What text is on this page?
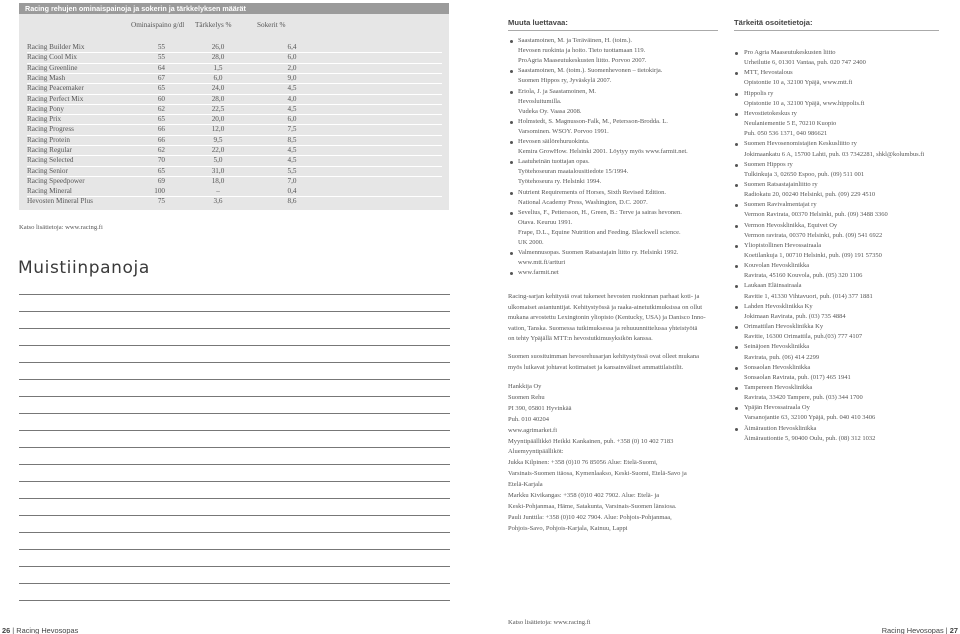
Racing rehujen ominaispainoja ja sokerin ja tärkkelyksen määrät
Ominaispaino g/dl Tärkkelys %	Sokerit %
Racing Builder Mix	55	26,0	6,4
Racing Cool Mix	55	28,0	6,0
Racing Greenline	64	1,5	2,0
Racing Mash	67	6,0	9,0
Racing Peacemaker	65	24,0	4,5
Racing Perfect Mix	60	28,0	4,0
Racing Pony	62	22,5	4,5
Racing Prix	65	20,0	6,0
Racing Progress	66	12,0	7,5
Racing Protein	66	9,5	8,5
Racing Regular	62	22,0	4,5
Racing Selected	70	5,0	4,5
Racing Senior	65	31,0	5,5
Racing Speedpower	69	18,0	7,0
Racing Mineral	100	–	0,4
Hevosten Mineral Plus	75	3,6	8,6
Katso lisätietoja: www.racing.fi
Muistiinpanoja
26 | Racing Hevosopas
Muuta luettavaa:	Tärkeitä osoitetietoja:
Saastamoinen, M. ja Teräväinen, H. (toim.).
Hevosen ruokinta ja hoito. Tieto tuottamaan 119.
ProAgria Maaseutukeskusten liitto. Porvoo 2007.
Saastamoinen, M. (toim.). Suomenhevonen – tietokirja.
Suomen Hippos ry, Jyväskylä 2007.
Eriola, J. ja Saastamoinen, M.
Hevosluitumilla.
Vudeka Oy. Vaasa 2008.
Holmstedt, S. Magnusson-Falk, M., Petersson-Brodda. L.
Varsominen. WSOY. Porvoo 1991.
Hevosen säilörehuruokinta.
Kemira GrowHow. Helsinki 2001. Löytyy myös www.farmit.net.
Laatuheinän tuottajan opas.
Työtehoseuran maatalousitiedote 15/1994.
Työtehoseura ry. Helsinki 1994.
Nutrient Requirements of Horses, Sixth Revised Edition.
National Academy Press, Washington, D.C. 2007.
Sevelius, F., Pettersson, H., Green, B.: Terve ja sairas hevonen.
Otava. Keuruu 1991.
Frape, D.L., Equine Nutrition and Feeding. Blackwell science.
UK 2000.
Valmennusopas. Suomen Ratsastajain liitto ry. Helsinki 1992.
www.mtt.fi/artturi
www.farmit.net
Racing-sarjan kehitystä ovat tukeneet hevosten ruokinnan parhaat koti- ja
ulkomaiset asiantuntijat. Kehitystyössä ja raaka-ainetutkimuksissa on ollut
mukana arvostettu Lexingtonin yliopisto (Kentucky, USA) ja Danisco Inno-
vation, Tanska. Suomessa tutkimuksessa ja rehuuunnittelussa yhteistyötä
on tehty Ypäjällä MTT:n hevostutkimusyksikön kanssa.
Suomen suosituimman hevosrehusarjan kehitystyössä ovat olleet mukana
myös luikavat johtavat kotimaiset ja kansainväliset ammattilaistilit.
Hankkija Oy
Suomen Rehu
PI 390, 05801 Hyvinkää
Puh. 010 40204
www.agrimarket.fi
Myyntipäällikkö Heikki Kankainen, puh. +358 (0) 10 402 7183
Aluemyyntipäälliköt:
Jukka Kilpinen: +358 (0)10 76 85056 Alue: Etelä-Suomi,
Varsinais-Suomen itäosa, Kymenlaakso, Keski-Suomi, Etelä-Savo ja
Etelä-Karjala
Markku Kivikangas: +358 (0)10 402 7902. Alue: Etelä- ja
Keski-Pohjanmaa, Häme, Satakunta, Varsinais-Suomen länsiosa.
Pauli Junttila: +358 (0)10 402 7904. Alue: Pohjois-Pohjanmaa,
Pohjois-Savo, Pohjois-Karjala, Kainuu, Lappi
Pro Agria Maaseutukeskusten liitto
Urheilutie 6, 01301 Vantaa, puh. 020 747 2400
MTT, Hevostalous
Opistontie 10 a, 32100 Ypäjä, www.mtt.fi
Hippolis ry
Opistontie 10 a, 32100 Ypäjä, www.hippolis.fi
Hevostietokeskus ry
Neulaniementie 5 E, 70210 Kuopio
Puh. 050 536 1371, 040 986621
Suomen Hevosenomistajien Keskusliitto ry
Jokimaankatu 6 A, 15700 Lahti, puh. 03 7342281, shkl@kolumbus.fi
Suomen Hippos ry
Tulkinkuja 3, 02650 Espoo, puh. (09) 511 001
Suomen Ratsastajainliitto ry
Radiokatu 20, 00240 Helsinki, puh. (09) 229 4510
Suomen Ravivalmentajat ry
Vermon Ravirata, 00370 Helsinki, puh. (09) 3488 3360
Vermon Hevosklinikka, Equivet Oy
Vermon ravirata, 00370 Helsinki, puh. (09) 541 6922
Yliopistollinen Hevossairaala
Koetilankuja 1, 00710 Helsinki, puh. (09) 191 57350
Kouvolan Hevosklinikka
Ravirata, 45160 Kouvola, puh. (05) 320 1106
Laukaan Eläinsairaala
Ravitie 1, 41330 Vihtavuori, puh. (014) 377 1881
Lahden Hevosklinikka Ky
Jokimaan Ravirata, puh. (03) 735 4884
Orimattilan Hevosklinikka Ky
Ravitie, 16300 Orimattila, puh.(03) 777 4107
Seinäjoen Hevosklinikka
Ravirata, puh. (06) 414 2299
Sonsaolan Hevosklinikka
Sonsaolan Ravirata, puh. (017) 465 1941
Tampereen Hevosklinikka
Ravirata, 33420 Tampere, puh. (03) 344 1700
Ypäjän Hevossairaala Oy
Varsanojantie 63, 32100 Ypäjä, puh. 040 410 3406
Äimäraution Hevosklinikka
Äimärautiontie 5, 90400 Oulu, puh. (08) 312 1032
Katso lisätietoja: www.racing.fi
Racing Hevosopas | 27
